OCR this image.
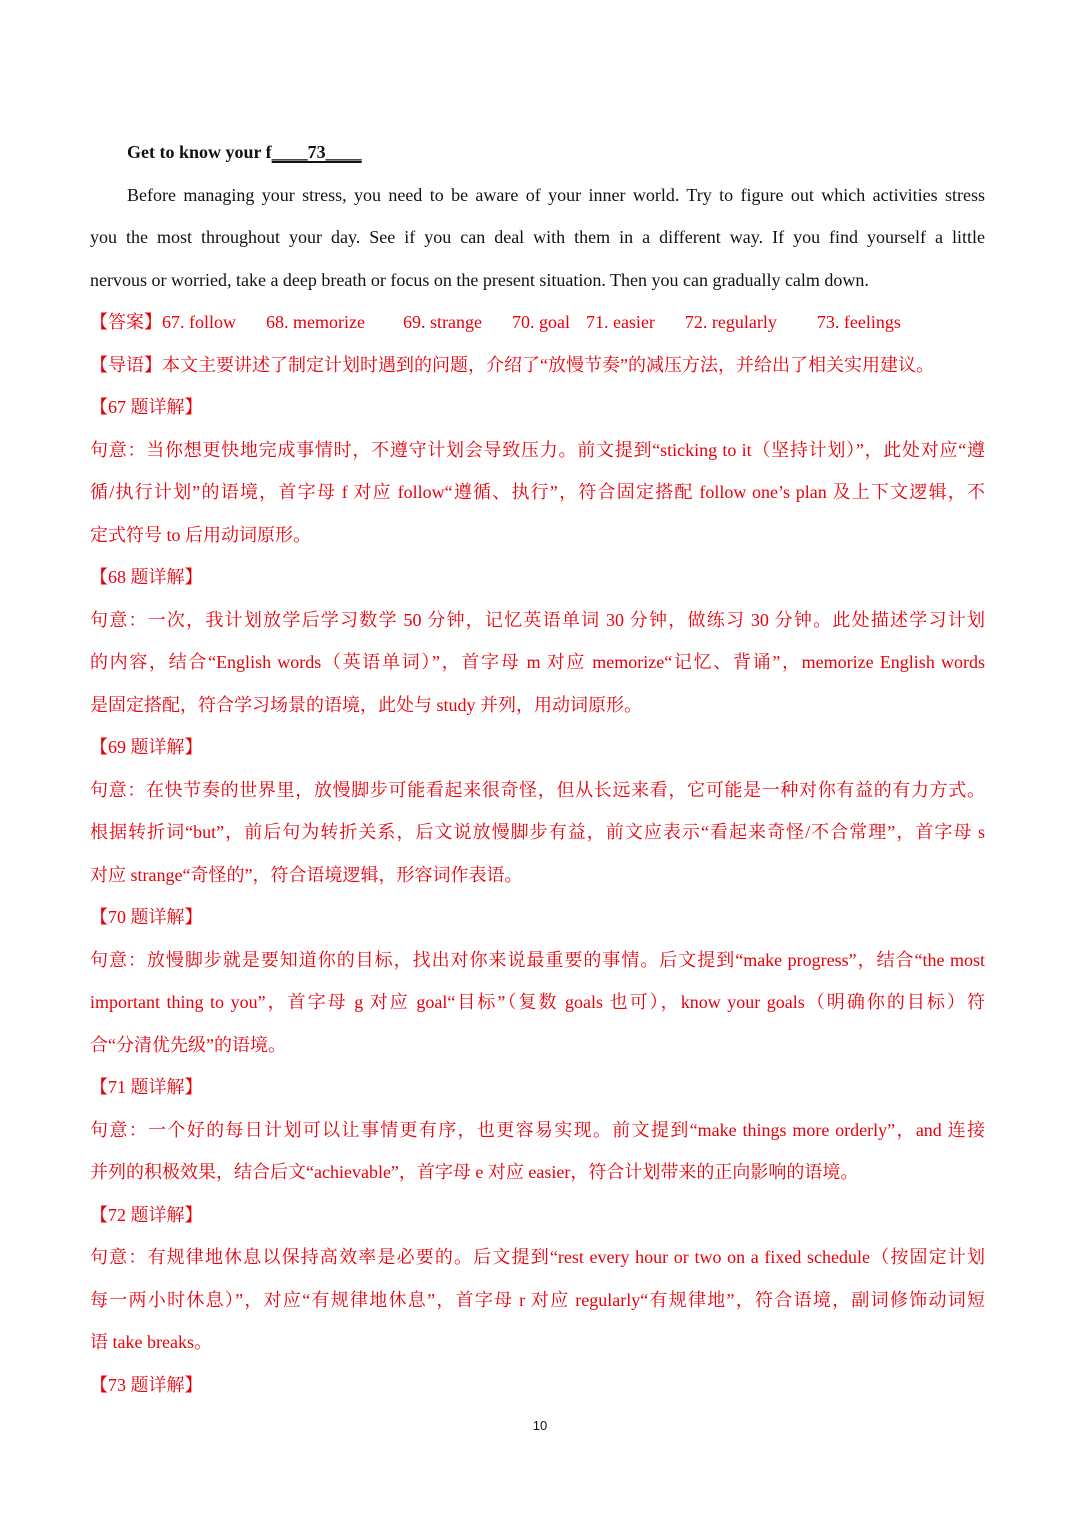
Get to know your f____73____
Before managing your stress, you need to be aware of your inner world. Try to figure out which activities stress
you the most throughout your day. See if you can deal with them in a different way. If you find yourself a little
nervous or worried, take a deep breath or focus on the present situation. Then you can gradually calm down.
【答案】67. follow 68. memorize 69. strange 70. goal 71. easier 72. regularly 73. feelings
【导语】本文主要讲述了制定计划时遇到的问题，介绍了“放慢节奏”的减压方法，并给出了相关实用建议。
【67 题详解】
句意：当你想更快地完成事情时，不遵守计划会导致压力。前文提到“sticking to it（坚持计划）”，此处对应“遵
循/执行计划”的语境，首字母 f 对应 follow“遵循、执行”，符合固定搭配 follow one’s plan 及上下文逻辑，不
定式符号 to 后用动词原形。
【68 题详解】
句意：一次，我计划放学后学习数学 50 分钟，记忆英语单词 30 分钟，做练习 30 分钟。此处描述学习计划
的内容，结合“English words（英语单词）”，首字母 m 对应 memorize“记忆、背诵”，memorize English words
是固定搭配，符合学习场景的语境，此处与 study 并列，用动词原形。
【69 题详解】
句意：在快节奏的世界里，放慢脚步可能看起来很奇怪，但从长远来看，它可能是一种对你有益的有力方式。
根据转折词“but”，前后句为转折关系，后文说放慢脚步有益，前文应表示“看起来奇怪/不合常理”，首字母 s
对应 strange“奇怪的”，符合语境逻辑，形容词作表语。
【70 题详解】
句意：放慢脚步就是要知道你的目标，找出对你来说最重要的事情。后文提到“make progress”，结合“the most
important thing to you”，首字母 g 对应 goal“目标”（复数 goals 也可），know your goals（明确你的目标）符
合“分清优先级”的语境。
【71 题详解】
句意：一个好的每日计划可以让事情更有序，也更容易实现。前文提到“make things more orderly”，and 连接
并列的积极效果，结合后文“achievable”，首字母 e 对应 easier，符合计划带来的正向影响的语境。
【72 题详解】
句意：有规律地休息以保持高效率是必要的。后文提到“rest every hour or two on a fixed schedule（按固定计划
每一两小时休息）”，对应“有规律地休息”，首字母 r 对应 regularly“有规律地”，符合语境，副词修饰动词短
语 take breaks。
【73 题详解】
10
